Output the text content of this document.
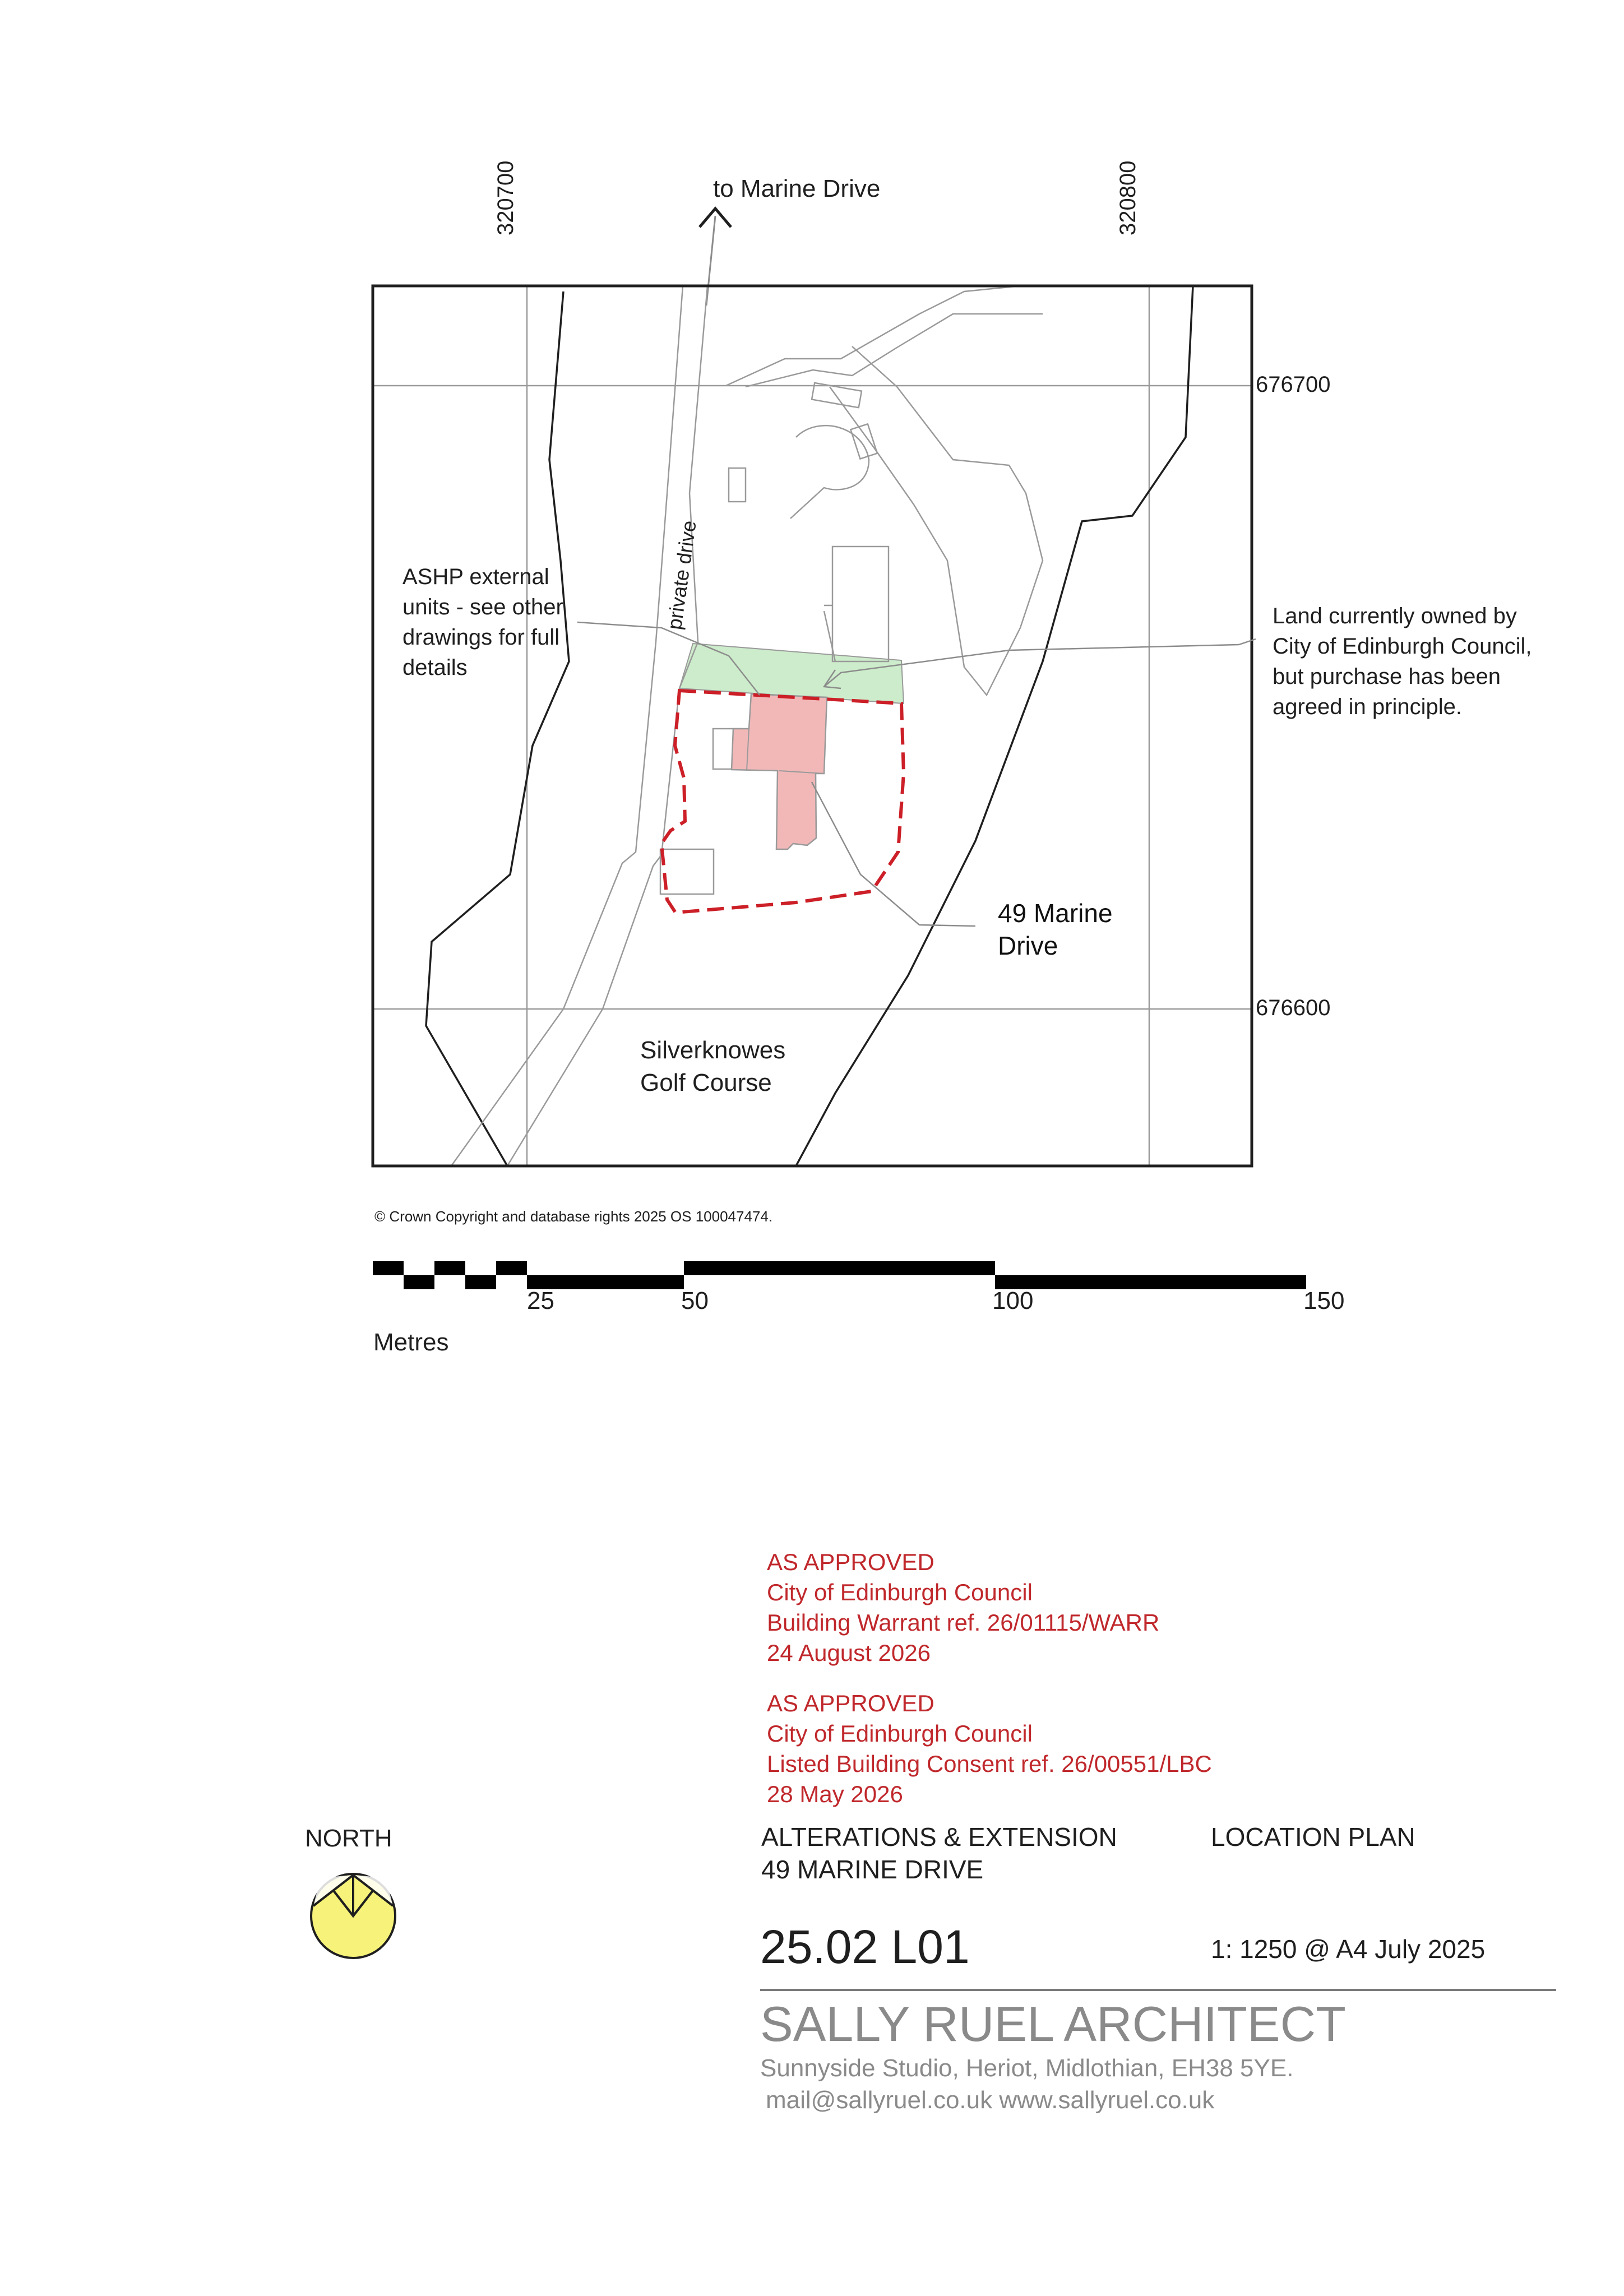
to Marine Drive
320700	320800
676700
676600
private drive
ASHP external
units - see other
drawings for full
details
Land currently owned by
City of Edinburgh Council,
but purchase has been
agreed in principle.
49 Marine
Drive
Silverknowes
Golf Course
© Crown Copyright and database rights 2025 OS 100047474.
25	50	100	150
Metres

AS APPROVED

City of Edinburgh Council

Building Warrant ref. 26/01115/WARR

24 August 2026

AS APPROVED

City of Edinburgh Council

Listed Building Consent ref. 26/00551/LBC

28 May 2026

NORTH	ALTERATIONS & EXTENSION
49 MARINE DRIVE
LOCATION PLAN
25.02 L01	1: 1250 @ A4 July 2025
SALLY RUEL ARCHITECT
Sunnyside Studio, Heriot, Midlothian, EH38 5YE.
mail@sallyruel.co.uk www.sallyruel.co.uk
